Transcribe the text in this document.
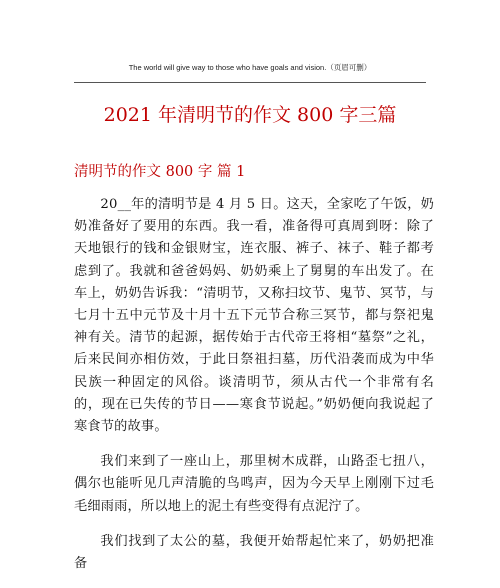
The world will give way to those who have goals and vision.（页眉可删）
2021 年清明节的作文 800 字三篇
清明节的作文 800 字 篇 1

20__年的清明节是 4 月 5 日。这天，全家吃了午饭，奶奶准备好了要用的东西。我一看，准备得可真周到呀：除了天地银行的钱和金银财宝，连衣服、裤子、袜子、鞋子都考虑到了。我就和爸爸妈妈、奶奶乘上了舅舅的车出发了。在车上，奶奶告诉我：“清明节，又称扫坟节、鬼节、冥节，与七月十五中元节及十月十五下元节合称三冥节，都与祭祀鬼神有关。清节的起源，据传始于古代帝王将相“墓祭”之礼，后来民间亦相仿效，于此日祭祖扫墓，历代沿袭而成为中华民族一种固定的风俗。谈清明节，须从古代一个非常有名的，现在已失传的节日——寒食节说起。”奶奶便向我说起了寒食节的故事。

我们来到了一座山上，那里树木成群，山路歪七扭八，偶尔也能听见几声清脆的鸟鸣声，因为今天早上刚刚下过毛毛细雨雨，所以地上的泥土有些变得有点泥泞了。

我们找到了太公的墓，我便开始帮起忙来了，奶奶把准备
